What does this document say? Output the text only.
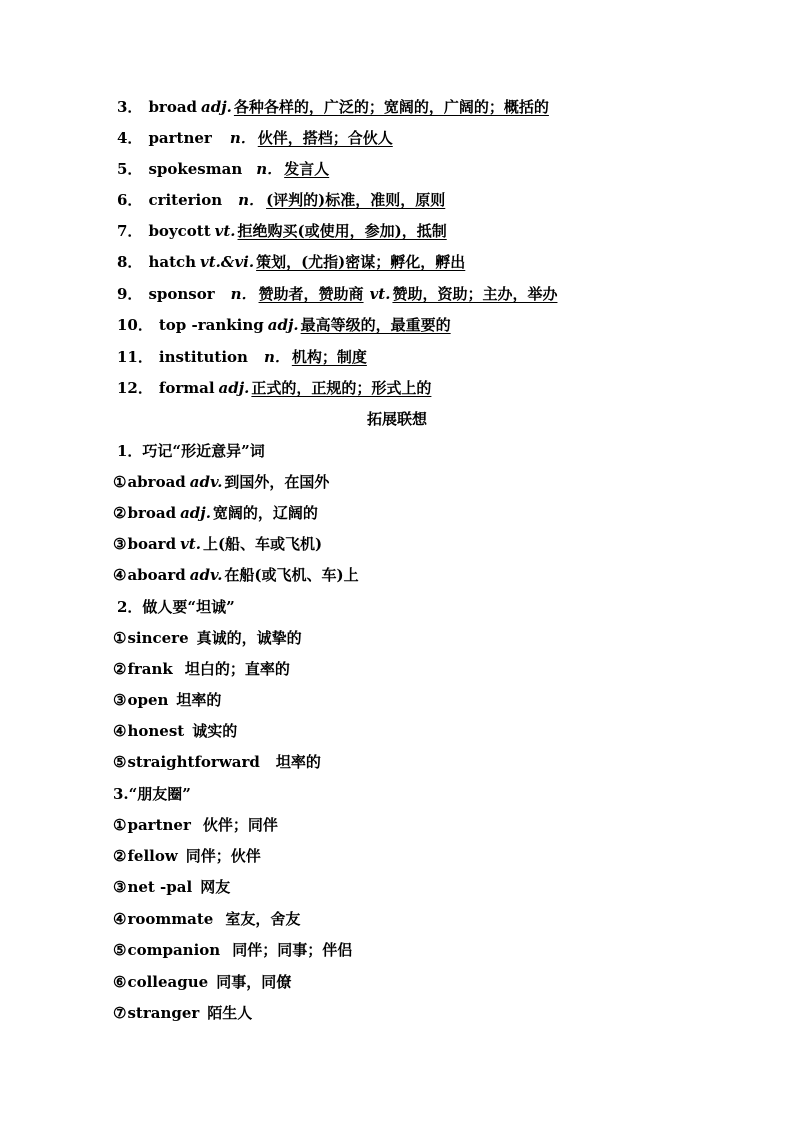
3． broad adj. 各种各样的，广泛的；宽阔的，广阔的；概括的
4． partner n． 伙伴，搭档；合伙人
5． spokesman n． 发言人
6． criterion n． (评判的)标准，准则，原则
7． boycott vt. 拒绝购买(或使用，参加)，抵制
8． hatch vt.&vi. 策划，(尤指)密谋；孵化，孵出
9． sponsor n． 赞助者，赞助商 vt. 赞助，资助；主办，举办
10． top -ranking adj. 最高等级的，最重要的
11． institution n． 机构；制度
12． formal adj. 正式的，正规的；形式上的
拓展联想
1．巧记“形近意异”词
①abroad adv. 到国外，在国外
②broad adj. 宽阔的，辽阔的
③board vt. 上(船、车或飞机)
④aboard adv. 在船(或飞机、车)上
2．做人要“坦诚”
①sincere 真诚的，诚挚的
②frank 坦白的；直率的
③open 坦率的
④honest 诚实的
⑤straightforward 坦率的
3.“朋友圈”
①partner 伙伴；同伴
②fellow 同伴；伙伴
③net -pal 网友
④roommate 室友，舍友
⑤companion 同伴；同事；伴侣
⑥colleague 同事，同僚
⑦stranger 陌生人
